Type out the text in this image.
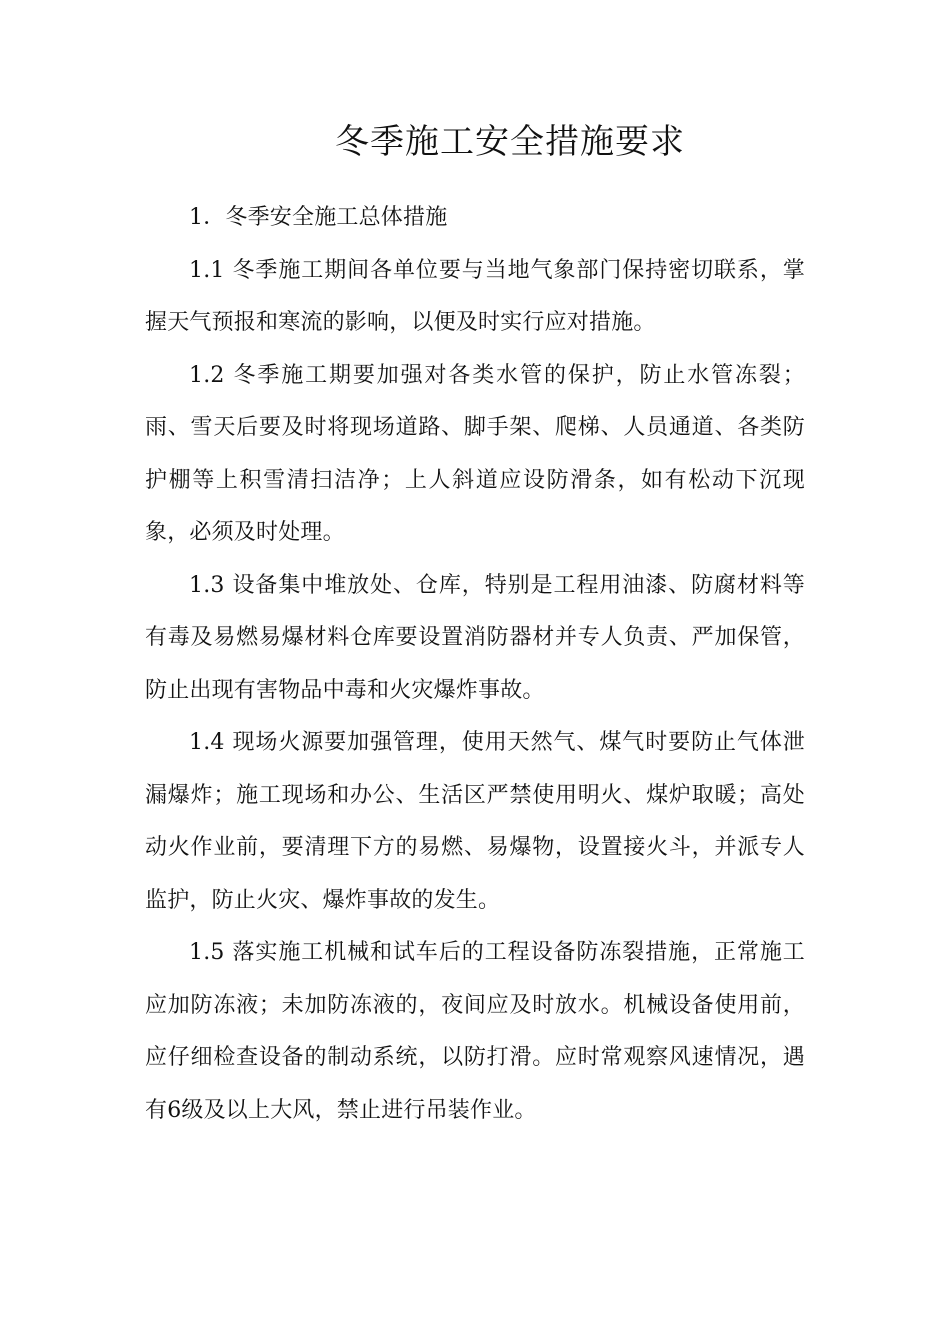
冬季施工安全措施要求

1．冬季安全施工总体措施

1.1 冬季施工期间各单位要与当地气象部门保持密切联系，掌握天气预报和寒流的影响，以便及时实行应对措施。

1.2 冬季施工期要加强对各类水管的保护，防止水管冻裂；雨、雪天后要及时将现场道路、脚手架、爬梯、人员通道、各类防护棚等上积雪清扫洁净；上人斜道应设防滑条，如有松动下沉现象，必须及时处理。

1.3 设备集中堆放处、仓库，特别是工程用油漆、防腐材料等有毒及易燃易爆材料仓库要设置消防器材并专人负责、严加保管，防止出现有害物品中毒和火灾爆炸事故。

1.4 现场火源要加强管理，使用天然气、煤气时要防止气体泄漏爆炸；施工现场和办公、生活区严禁使用明火、煤炉取暖；高处动火作业前，要清理下方的易燃、易爆物，设置接火斗，并派专人监护，防止火灾、爆炸事故的发生。

1.5 落实施工机械和试车后的工程设备防冻裂措施，正常施工应加防冻液；未加防冻液的，夜间应及时放水。机械设备使用前，应仔细检查设备的制动系统，以防打滑。应时常观察风速情况，遇有6级及以上大风，禁止进行吊装作业。
